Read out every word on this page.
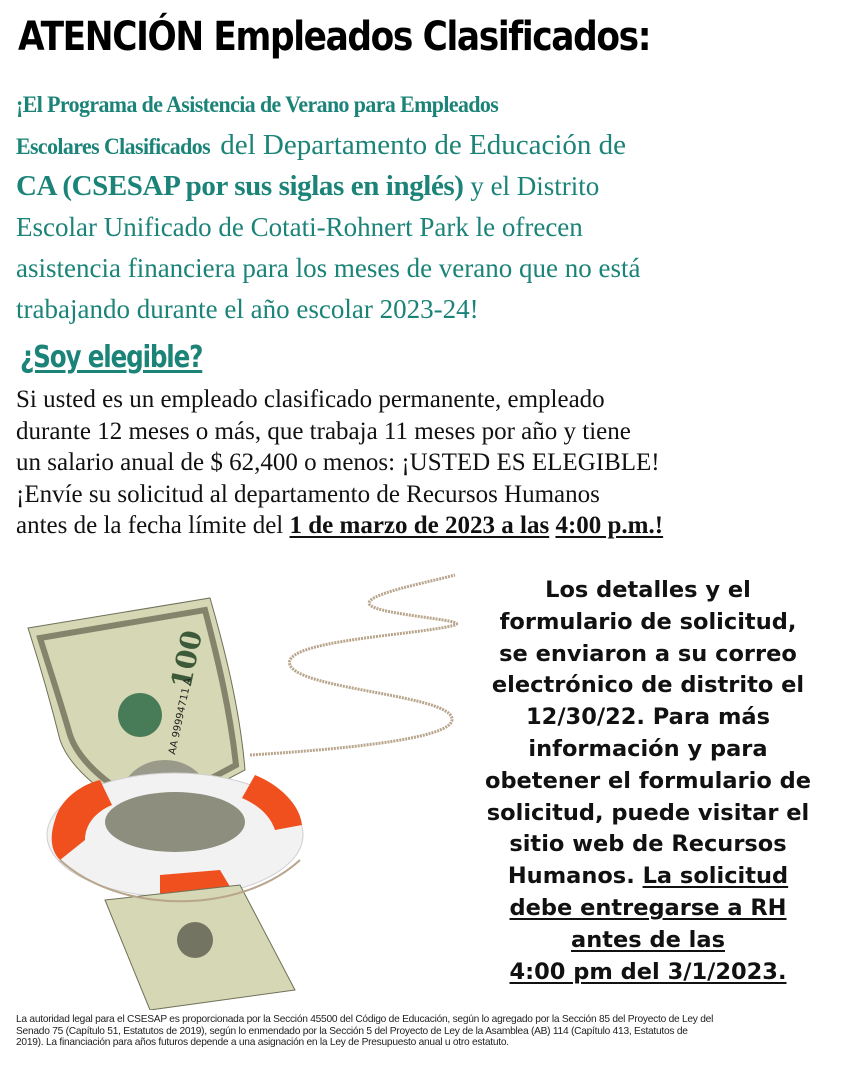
ATENCIÓN Empleados Clasificados:
¡El Programa de Asistencia de Verano para Empleados
Escolares Clasificados del Departamento de Educación de
CA (CSESAP por sus siglas en inglés) y el Distrito
Escolar Unificado de Cotati-Rohnert Park le ofrecen
asistencia financiera para los meses de verano que no está
trabajando durante el año escolar 2023-24!
¿Soy elegible?
Si usted es un empleado clasificado permanente, empleado
durante 12 meses o más, que trabaja 11 meses por año y tiene
un salario anual de $ 62,400 o menos: ¡USTED ES ELEGIBLE!
¡Envíe su solicitud al departamento de Recursos Humanos
antes de la fecha límite del 1 de marzo de 2023 a las 4:00 p.m.!
100
AA 99994711 A
Los detalles y el
formulario de solicitud,
se enviaron a su correo
electrónico de distrito el
12/30/22. Para más
información y para
obetener el formulario de
solicitud, puede visitar el
sitio web de Recursos
Humanos. La solicitud
debe entregarse a RH
antes de las
4:00 pm del 3/1/2023.
La autoridad legal para el CSESAP es proporcionada por la Sección 45500 del Código de Educación, según lo agregado por la Sección 85 del Proyecto de Ley del
Senado 75 (Capítulo 51, Estatutos de 2019), según lo enmendado por la Sección 5 del Proyecto de Ley de la Asamblea (AB) 114 (Capítulo 413, Estatutos de
2019). La financiación para años futuros depende a una asignación en la Ley de Presupuesto anual u otro estatuto.
